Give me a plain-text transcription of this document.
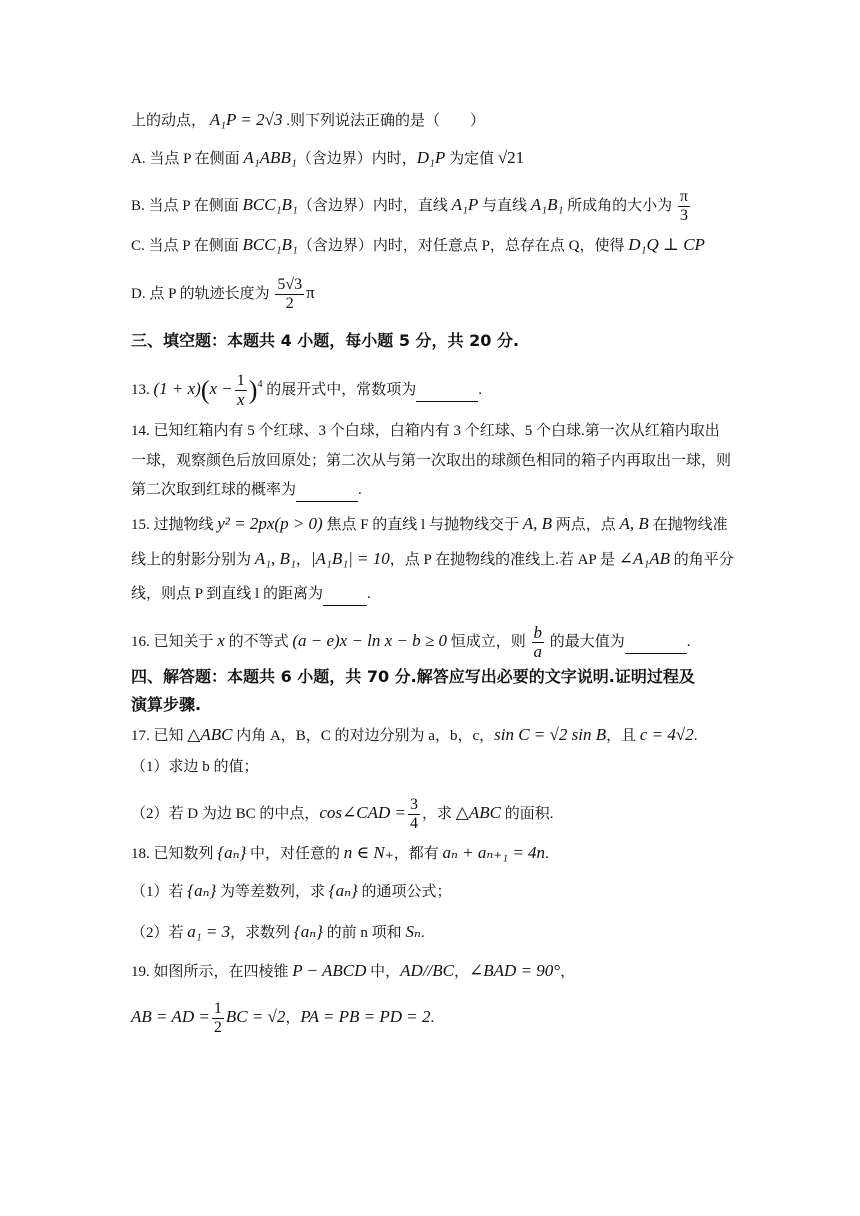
上的动点， A₁P = 2√3 .则下列说法正确的是（　　）
A. 当点 P 在侧面 A₁ABB₁（含边界）内时，D₁P 为定值 √21
B. 当点 P 在侧面 BCC₁B₁（含边界）内时，直线 A₁P 与直线 A₁B₁ 所成角的大小为 $\frac{\pi}{3}$
C. 当点 P 在侧面 BCC₁B₁（含边界）内时，对任意点 P，总存在点 Q，使得 D₁Q ⊥ CP
D. 点 P 的轨迹长度为 $\frac{5√3}{2}$ π
三、填空题：本题共 4 小题，每小题 5 分，共 20 分.
13. $(1 + x)(x - \frac{1}{x} )^4$ 的展开式中，常数项为	.
14. 已知红箱内有 5 个红球、3 个白球，白箱内有 3 个红球、5 个白球.第一次从红箱内取出
一球，观察颜色后放回原处；第二次从与第一次取出的球颜色相同的箱子内再取出一球，则
第二次取到红球的概率为	.
15. 过抛物线 y² = 2px(p > 0) 焦点 F 的直线 l 与抛物线交于 A, B 两点，点 A, B 在抛物线准
线上的射影分别为 A₁, B₁，|A₁B₁| = 10，点 P 在抛物线的准线上.若 AP 是 ∠A₁AB 的角平分
线，则点 P 到直线 l 的距离为	.
16. 已知关于 x 的不等式 (a − e)x − ln x − b ≥ 0 恒成立，则 $\frac{b}{a}$ 的最大值为	.
四、解答题：本题共 6 小题，共 70 分.解答应写出必要的文字说明.证明过程及
演算步骤.
17. 已知 △ABC 内角 A，B，C 的对边分别为 a，b，c，sin C = √2 sin B，且 c = 4√2.
（1）求边 b 的值；
（2）若 D 为边 BC 的中点，cos∠CAD = $\frac{3}{4}$ ，求 △ABC 的面积.
18. 已知数列 {aₙ} 中，对任意的 n ∈ N₊，都有 aₙ + aₙ₊₁ = 4n.
（1）若 {aₙ} 为等差数列，求 {aₙ} 的通项公式；
（2）若 a₁ = 3，求数列 {aₙ} 的前 n 项和 Sₙ.
19. 如图所示，在四棱锥 P − ABCD 中，AD//BC，∠BAD = 90°，
AB = AD = $\frac{1}{2}$ BC = √2，PA = PB = PD = 2.
